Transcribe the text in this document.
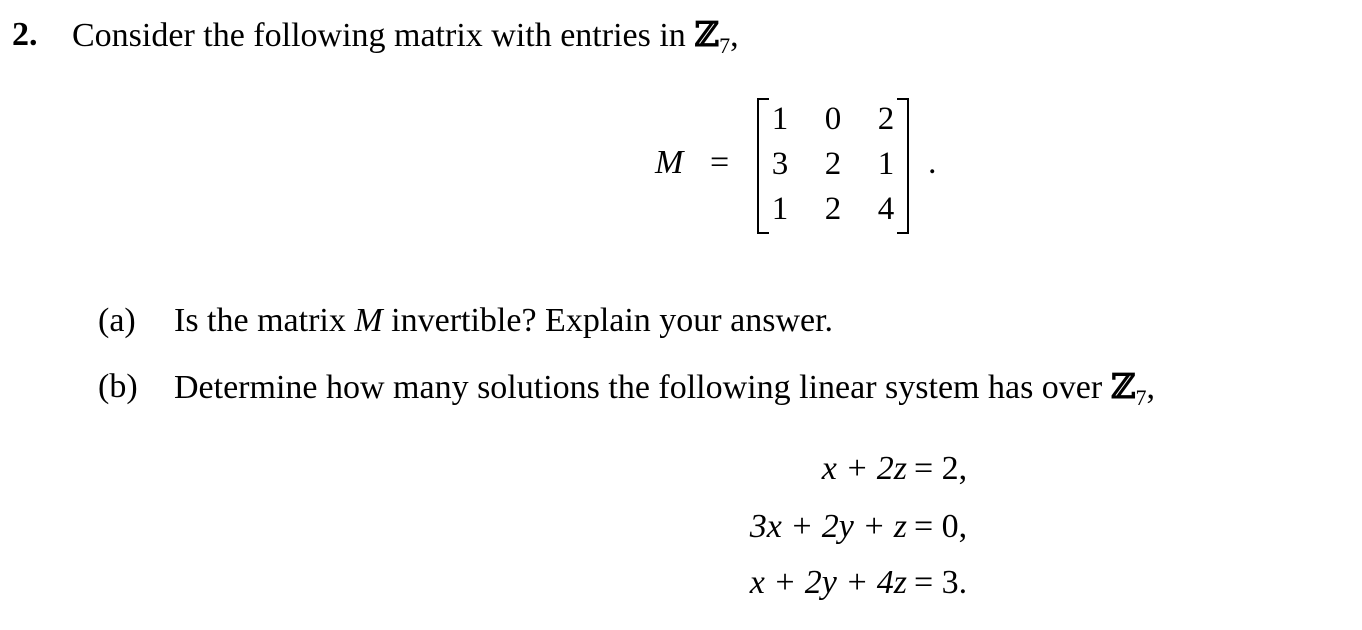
2. Consider the following matrix with entries in ℤ$_7$,
M =
1 0 2
3 2 1
1 2 4
.
(a) Is the matrix M invertible? Explain your answer.
(b) Determine how many solutions the following linear system has over ℤ$_7$,
x + 2z = 2,
3x + 2y + z = 0,
x + 2y + 4z = 3.
